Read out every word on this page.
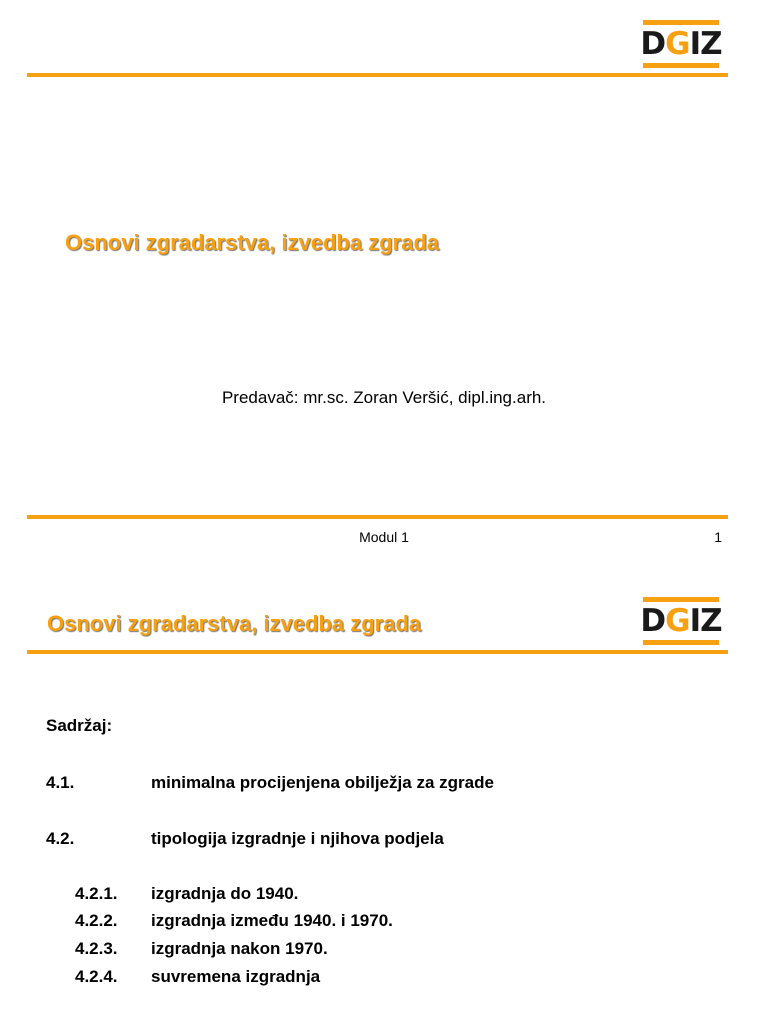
D G IZ
Osnovi zgradarstva, izvedba zgrada
Predavač: mr.sc. Zoran Veršić, dipl.ing.arh.
Modul 1	1
Osnovi zgradarstva, izvedba zgrada	D G IZ
Sadržaj:
4.1.	minimalna procijenjena obilježja za zgrade
4.2.	tipologija izgradnje i njihova podjela
4.2.1. izgradnja do 1940.
4.2.2. izgradnja između 1940. i 1970.
4.2.3. izgradnja nakon 1970.
4.2.4. suvremena izgradnja
